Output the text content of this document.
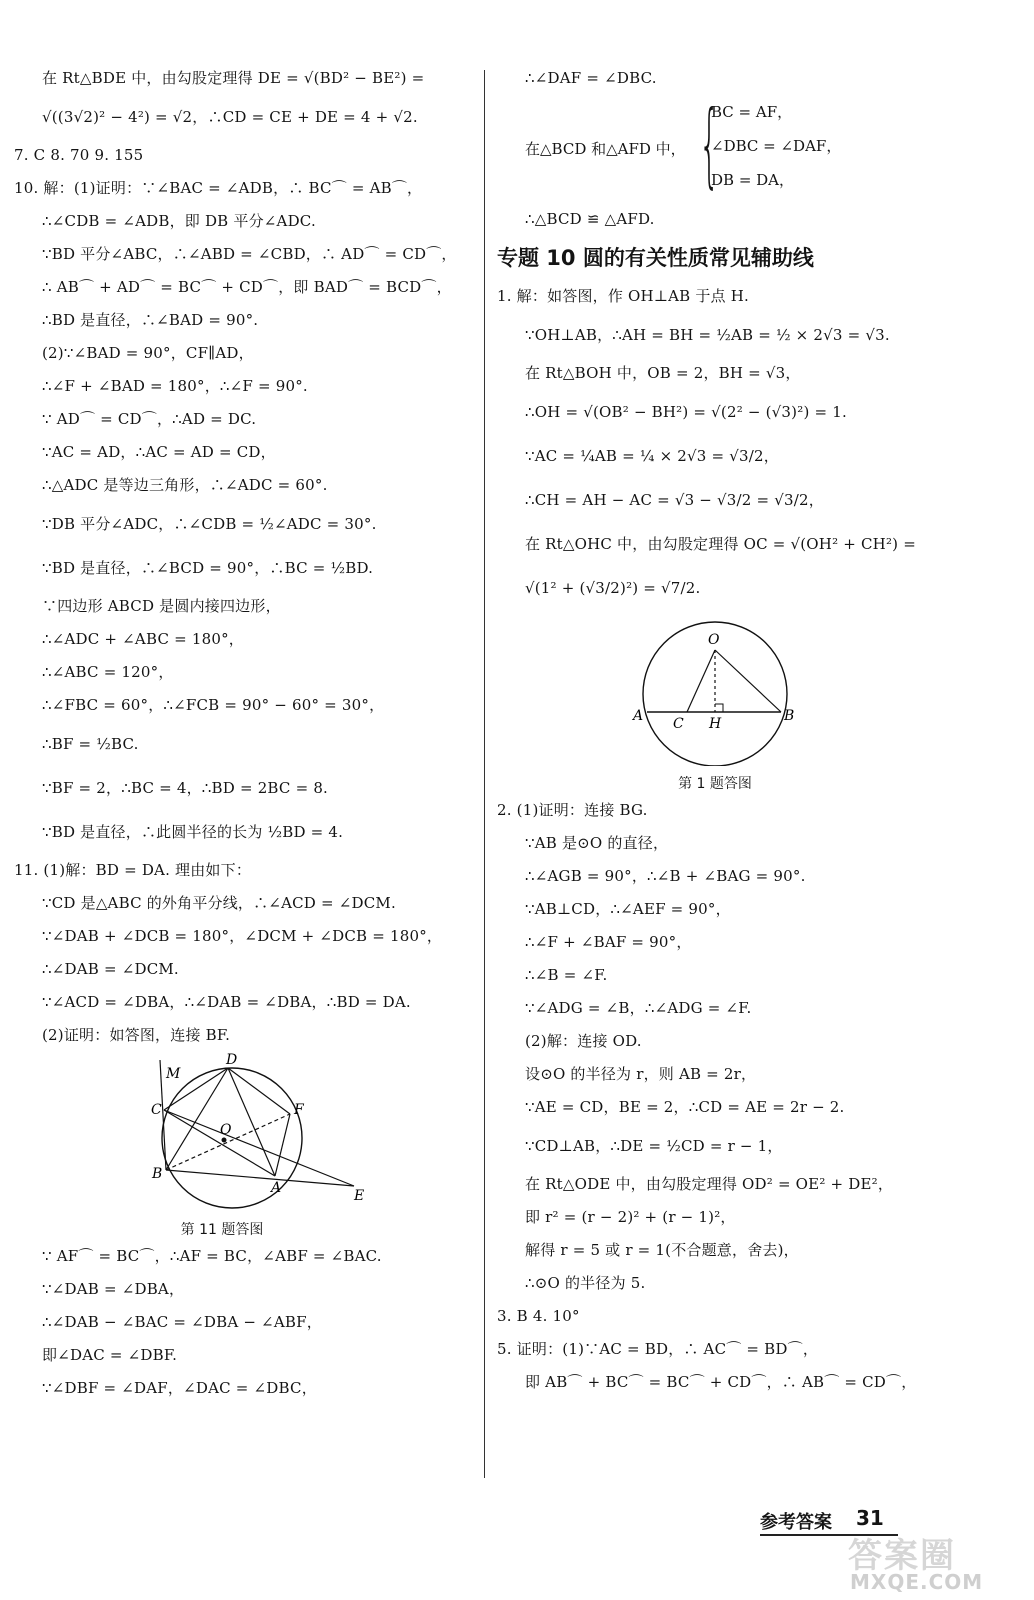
在 Rt△BDE 中，由勾股定理得 DE = √(BD² − BE²) =
√((3√2)² − 4²) = √2，∴CD = CE + DE = 4 + √2.
7. C 8. 70 9. 155
10. 解：(1)证明：∵∠BAC = ∠ADB，∴ BC⌒ = AB⌒，
∴∠CDB = ∠ADB，即 DB 平分∠ADC.
∵BD 平分∠ABC，∴∠ABD = ∠CBD，∴ AD⌒ = CD⌒，
∴ AB⌒ + AD⌒ = BC⌒ + CD⌒，即 BAD⌒ = BCD⌒，
∴BD 是直径，∴∠BAD = 90°.
(2)∵∠BAD = 90°，CF∥AD，
∴∠F + ∠BAD = 180°，∴∠F = 90°.
∵ AD⌒ = CD⌒，∴AD = DC.
∵AC = AD，∴AC = AD = CD，
∴△ADC 是等边三角形，∴∠ADC = 60°.
∵DB 平分∠ADC，∴∠CDB = ½∠ADC = 30°.
∵BD 是直径，∴∠BCD = 90°，∴BC = ½BD.
∵四边形 ABCD 是圆内接四边形，
∴∠ADC + ∠ABC = 180°，
∴∠ABC = 120°，
∴∠FBC = 60°，∴∠FCB = 90° − 60° = 30°，
∴BF = ½BC.
∵BF = 2，∴BC = 4，∴BD = 2BC = 8.
∵BD 是直径，∴此圆半径的长为 ½BD = 4.
11. (1)解：BD = DA. 理由如下：
∵CD 是△ABC 的外角平分线，∴∠ACD = ∠DCM.
∵∠DAB + ∠DCB = 180°，∠DCM + ∠DCB = 180°，
∴∠DAB = ∠DCM.
∵∠ACD = ∠DBA，∴∠DAB = ∠DBA，∴BD = DA.
(2)证明：如答图，连接 BF.
M
D
C
O
F
B
A	E
第 11 题答图
∵ AF⌒ = BC⌒，∴AF = BC，∠ABF = ∠BAC.
∵∠DAB = ∠DBA，
∴∠DAB − ∠BAC = ∠DBA − ∠ABF，
即∠DAC = ∠DBF.
∵∠DBF = ∠DAF，∠DAC = ∠DBC，
∴∠DAF = ∠DBC.
在△BCD 和△AFD 中， {
BC = AF，
∠DBC = ∠DAF，
DB = DA，
∴△BCD ≌ △AFD.
专题 10 圆的有关性质常见辅助线
1. 解：如答图，作 OH⊥AB 于点 H.
∵OH⊥AB，∴AH = BH = ½AB = ½ × 2√3 = √3.
在 Rt△BOH 中，OB = 2，BH = √3，
∴OH = √(OB² − BH²) = √(2² − (√3)²) = 1.
∵AC = ¼AB = ¼ × 2√3 = √3/2，
∴CH = AH − AC = √3 − √3/2 = √3/2，
在 Rt△OHC 中，由勾股定理得 OC = √(OH² + CH²) =
√(1² + (√3/2)²) = √7/2.
O
A C H	B
第 1 题答图
2. (1)证明：连接 BG.
∵AB 是⊙O 的直径，
∴∠AGB = 90°，∴∠B + ∠BAG = 90°.
∵AB⊥CD，∴∠AEF = 90°，
∴∠F + ∠BAF = 90°，
∴∠B = ∠F.
∵∠ADG = ∠B，∴∠ADG = ∠F.
(2)解：连接 OD.
设⊙O 的半径为 r，则 AB = 2r，
∵AE = CD，BE = 2，∴CD = AE = 2r − 2.
∵CD⊥AB，∴DE = ½CD = r − 1，
在 Rt△ODE 中，由勾股定理得 OD² = OE² + DE²，
即 r² = (r − 2)² + (r − 1)²，
解得 r = 5 或 r = 1(不合题意，舍去)，
∴⊙O 的半径为 5.
3. B 4. 10°
5. 证明：(1)∵AC = BD，∴ AC⌒ = BD⌒，
即 AB⌒ + BC⌒ = BC⌒ + CD⌒，∴ AB⌒ = CD⌒，
参考答案 31
答案圈
MXQE.COM
